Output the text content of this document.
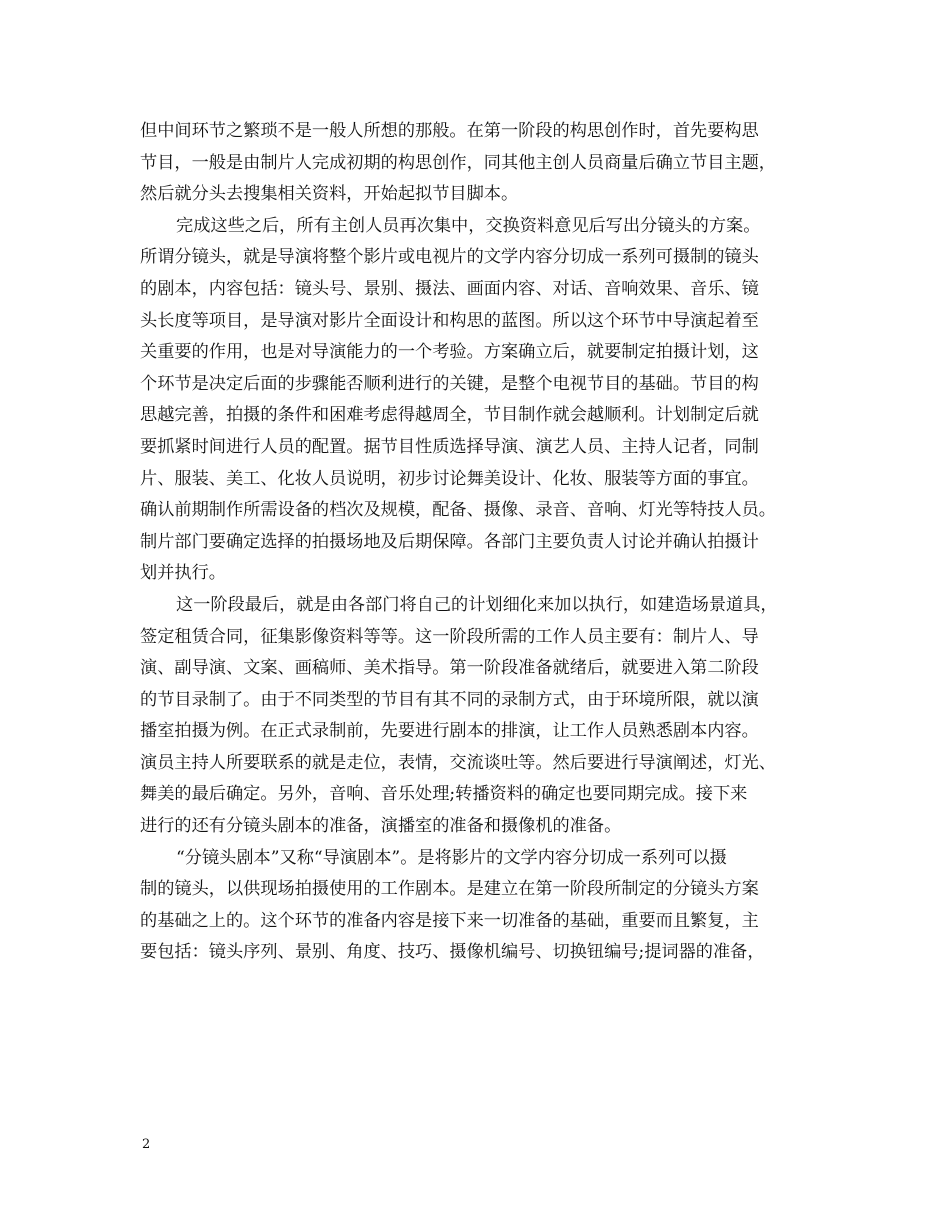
但中间环节之繁琐不是一般人所想的那般。在第一阶段的构思创作时，首先要构思
节目，一般是由制片人完成初期的构思创作，同其他主创人员商量后确立节目主题，
然后就分头去搜集相关资料，开始起拟节目脚本。
完成这些之后，所有主创人员再次集中，交换资料意见后写出分镜头的方案。
所谓分镜头，就是导演将整个影片或电视片的文学内容分切成一系列可摄制的镜头
的剧本，内容包括：镜头号、景别、摄法、画面内容、对话、音响效果、音乐、镜
头长度等项目，是导演对影片全面设计和构思的蓝图。所以这个环节中导演起着至
关重要的作用，也是对导演能力的一个考验。方案确立后，就要制定拍摄计划，这
个环节是决定后面的步骤能否顺利进行的关键，是整个电视节目的基础。节目的构
思越完善，拍摄的条件和困难考虑得越周全，节目制作就会越顺利。计划制定后就
要抓紧时间进行人员的配置。据节目性质选择导演、演艺人员、主持人记者，同制
片、服装、美工、化妆人员说明，初步讨论舞美设计、化妆、服装等方面的事宜。
确认前期制作所需设备的档次及规模，配备、摄像、录音、音响、灯光等特技人员。
制片部门要确定选择的拍摄场地及后期保障。各部门主要负责人讨论并确认拍摄计
划并执行。
这一阶段最后，就是由各部门将自己的计划细化来加以执行，如建造场景道具，
签定租赁合同，征集影像资料等等。这一阶段所需的工作人员主要有：制片人、导
演、副导演、文案、画稿师、美术指导。第一阶段准备就绪后，就要进入第二阶段
的节目录制了。由于不同类型的节目有其不同的录制方式，由于环境所限，就以演
播室拍摄为例。在正式录制前，先要进行剧本的排演，让工作人员熟悉剧本内容。
演员主持人所要联系的就是走位，表情，交流谈吐等。然后要进行导演阐述，灯光、
舞美的最后确定。另外，音响、音乐处理;转播资料的确定也要同期完成。接下来
进行的还有分镜头剧本的准备，演播室的准备和摄像机的准备。
“分镜头剧本”又称“导演剧本”。是将影片的文学内容分切成一系列可以摄
制的镜头，以供现场拍摄使用的工作剧本。是建立在第一阶段所制定的分镜头方案
的基础之上的。这个环节的准备内容是接下来一切准备的基础，重要而且繁复，主
要包括：镜头序列、景别、角度、技巧、摄像机编号、切换钮编号;提词器的准备，
2
